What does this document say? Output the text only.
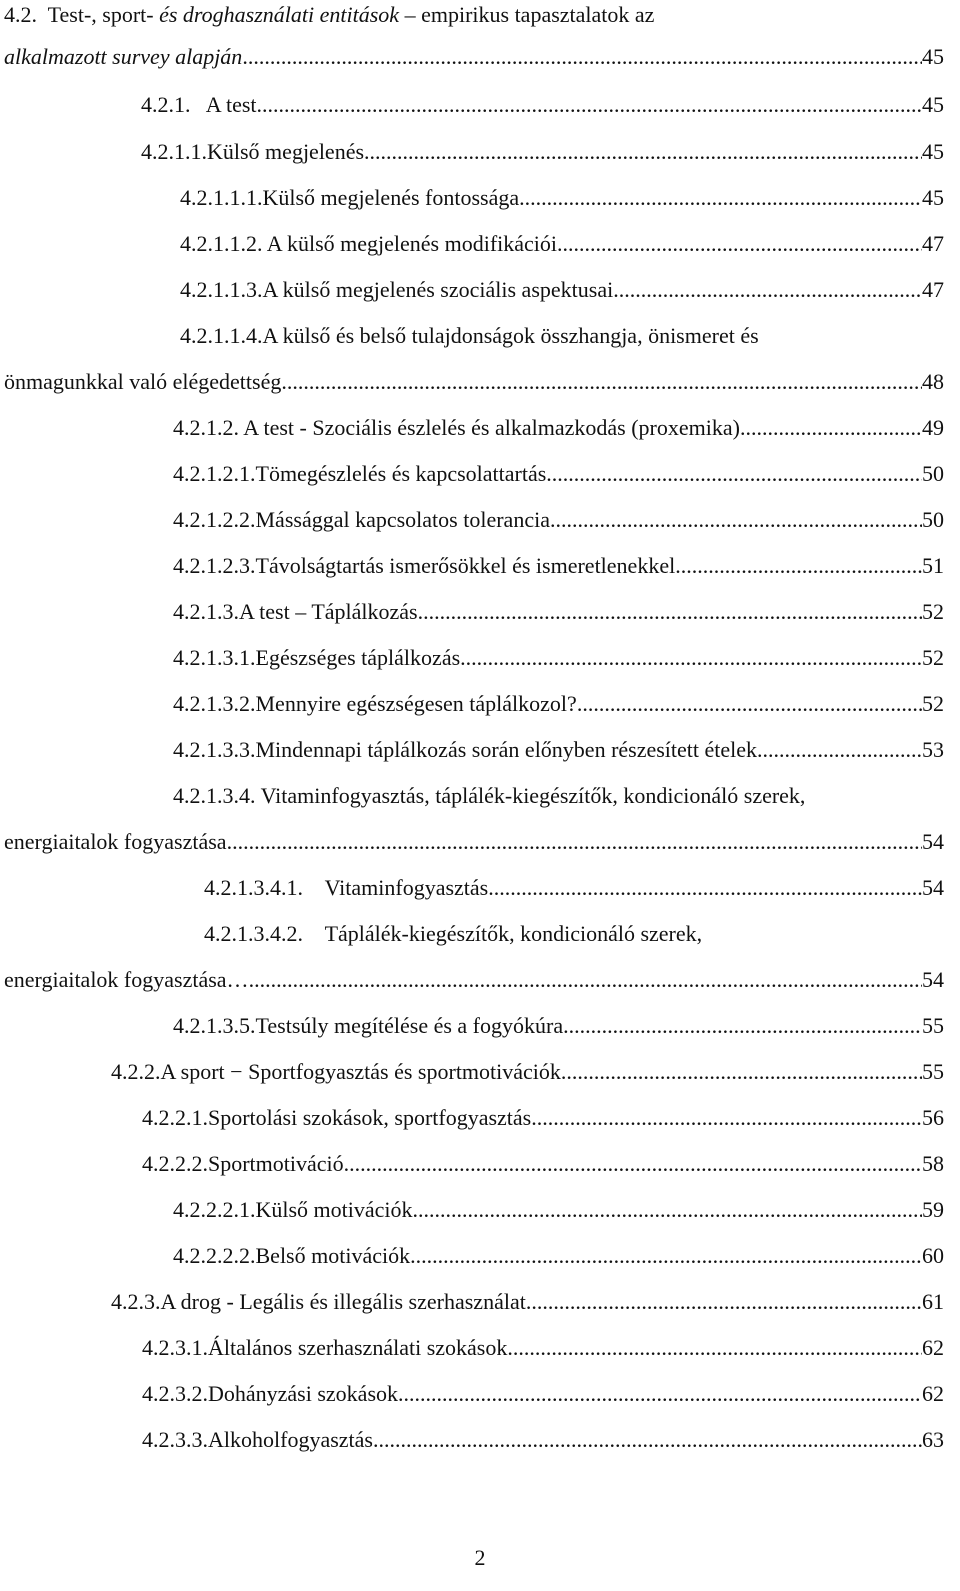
4.2. Test-, sport- és droghasználati entitások – empirikus tapasztalatok az
alkalmazott survey alapján .....	45
4.2.1.   A test .....	45
4.2.1.1.Külső megjelenés .....	45
4.2.1.1.1.Külső megjelenés fontossága .....	45
4.2.1.1.2. A külső megjelenés modifikációi .....	47
4.2.1.1.3.A külső megjelenés szociális aspektusai .....	47
4.2.1.1.4.A külső és belső tulajdonságok összhangja, önismeret és
önmagunkkal való elégedettség .....	48
4.2.1.2. A test - Szociális észlelés és alkalmazkodás (proxemika) .....	49
4.2.1.2.1.Tömegészlelés és kapcsolattartás .....	50
4.2.1.2.2.Mássággal kapcsolatos tolerancia .....	50
4.2.1.2.3.Távolságtartás ismerősökkel és ismeretlenekkel .....	51
4.2.1.3.A test – Táplálkozás .....	52
4.2.1.3.1.Egészséges táplálkozás .....	52
4.2.1.3.2.Mennyire egészségesen táplálkozol? .....	52
4.2.1.3.3.Mindennapi táplálkozás során előnyben részesített ételek .....	53
4.2.1.3.4. Vitaminfogyasztás, táplálék-kiegészítők, kondicionáló szerek,
energiaitalok fogyasztása .....	54
4.2.1.3.4.1.    Vitaminfogyasztás .....	54
4.2.1.3.4.2.    Táplálék-kiegészítők, kondicionáló szerek,
energiaitalok fogyasztása… .....	54
4.2.1.3.5.Testsúly megítélése és a fogyókúra .....	55
4.2.2.A sport − Sportfogyasztás és sportmotivációk .....	55
4.2.2.1.Sportolási szokások, sportfogyasztás .....	56
4.2.2.2.Sportmotiváció .....	58
4.2.2.2.1.Külső motivációk .....	59
4.2.2.2.2.Belső motivációk .....	60
4.2.3.A drog - Legális és illegális szerhasználat .....	61
4.2.3.1.Általános szerhasználati szokások .....	62
4.2.3.2.Dohányzási szokások .....	62
4.2.3.3.Alkoholfogyasztás .....	63
2
